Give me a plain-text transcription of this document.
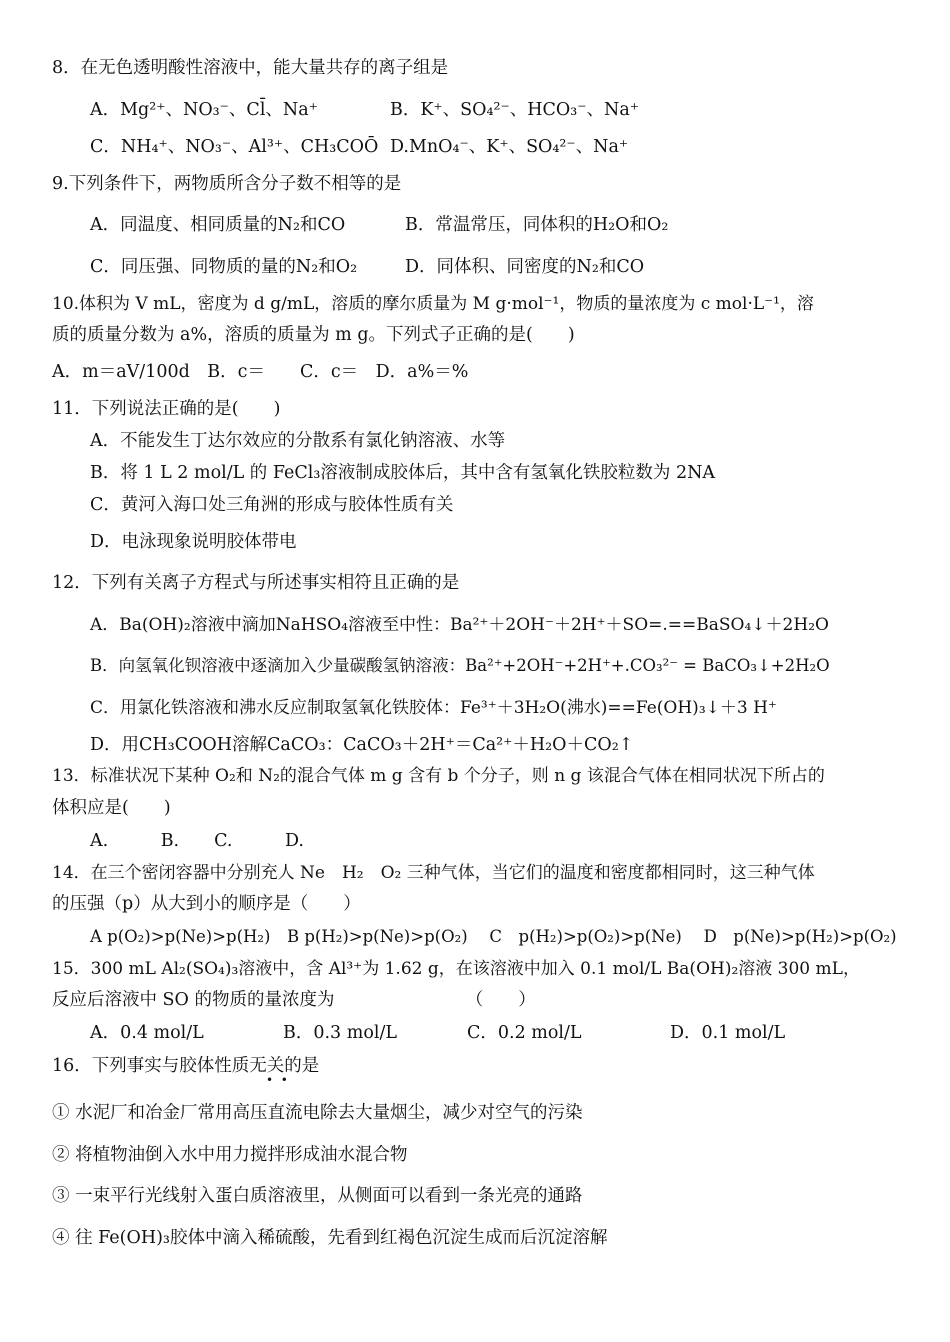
8．在无色透明酸性溶液中，能大量共存的离子组是
A．Mg²⁺、NO₃⁻、Cl̄、Na⁺	B．K⁺、SO₄²⁻、HCO₃⁻、Na⁺
C．NH₄⁺、NO₃⁻、Al³⁺、CH₃COŌ D.MnO₄⁻、K⁺、SO₄²⁻、Na⁺
9.下列条件下，两物质所含分子数不相等的是
A．同温度、相同质量的N₂和CO	B．常温常压，同体积的H₂O和O₂
C．同压强、同物质的量的N₂和O₂	D．同体积、同密度的N₂和CO
10.体积为 V mL，密度为 d g/mL，溶质的摩尔质量为 M g·mol⁻¹，物质的量浓度为 c mol·L⁻¹，溶
质的质量分数为 a%，溶质的质量为 m g。下列式子正确的是(　　)
A．m＝aV/100d　B．c＝　　C．c＝　D．a%＝%
11．下列说法正确的是(　　)
A．不能发生丁达尔效应的分散系有氯化钠溶液、水等
B．将 1 L 2 mol/L 的 FeCl₃溶液制成胶体后，其中含有氢氧化铁胶粒数为 2NA
C．黄河入海口处三角洲的形成与胶体性质有关
D．电泳现象说明胶体带电
12．下列有关离子方程式与所述事实相符且正确的是
A．Ba(OH)₂溶液中滴加NaHSO₄溶液至中性：Ba²⁺＋2OH⁻＋2H⁺＋SO=.==BaSO₄↓＋2H₂O
B．向氢氧化钡溶液中逐滴加入少量碳酸氢钠溶液：Ba²⁺+2OH⁻+2H⁺+.CO₃²⁻ = BaCO₃↓+2H₂O
C．用氯化铁溶液和沸水反应制取氢氧化铁胶体：Fe³⁺＋3H₂O(沸水)==Fe(OH)₃↓＋3 H⁺
D．用CH₃COOH溶解CaCO₃：CaCO₃＋2H⁺＝Ca²⁺＋H₂O＋CO₂↑
13．标准状况下某种 O₂和 N₂的混合气体 m g 含有 b 个分子，则 n g 该混合气体在相同状况下所占的
体积应是(　　)
A.　　　B.　　C.　　　D.
14．在三个密闭容器中分别充人 Ne　H₂　O₂ 三种气体，当它们的温度和密度都相同时，这三种气体
的压强（p）从大到小的顺序是（　　）
A p(O₂)>p(Ne)>p(H₂)　B p(H₂)>p(Ne)>p(O₂)　 C　p(H₂)>p(O₂)>p(Ne)　 D　p(Ne)>p(H₂)>p(O₂)
15．300 mL Al₂(SO₄)₃溶液中，含 Al³⁺为 1.62 g，在该溶液中加入 0.1 mol/L Ba(OH)₂溶液 300 mL，
反应后溶液中 SO 的物质的量浓度为　　　　　　　　（　　）
A．0.4 mol/L	B．0.3 mol/L	C．0.2 mol/L	D．0.1 mol/L
16．下列事实与胶体性质无关的是
•  •
① 水泥厂和冶金厂常用高压直流电除去大量烟尘，减少对空气的污染
② 将植物油倒入水中用力搅拌形成油水混合物
③ 一束平行光线射入蛋白质溶液里，从侧面可以看到一条光亮的通路
④ 往 Fe(OH)₃胶体中滴入稀硫酸，先看到红褐色沉淀生成而后沉淀溶解
